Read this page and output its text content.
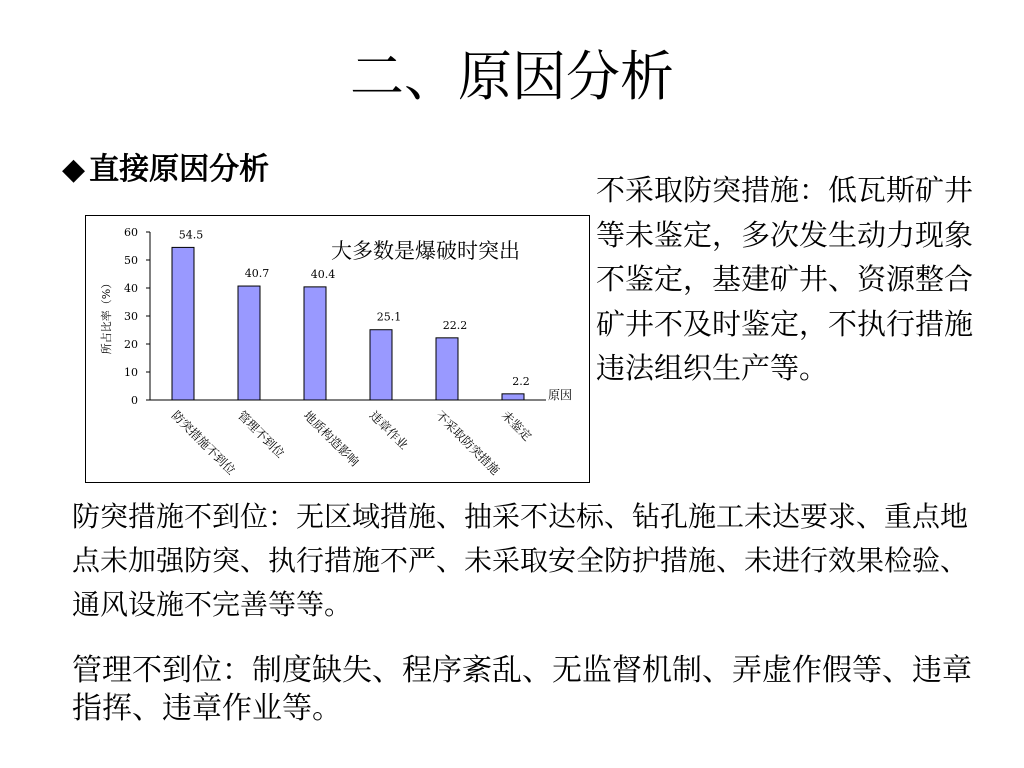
二、原因分析
◆ 直接原因分析
0
10
20
30
40
50
60
所占比率（%）
原因
54.5
防突措施不到位
40.7
管理不到位
40.4
地质构造影响
25.1
违章作业
22.2
不采取防突措施
2.2
未鉴定
大多数是爆破时突出
不采取防突措施：低瓦斯矿井等未鉴定，多次发生动力现象不鉴定，基建矿井、资源整合矿井不及时鉴定，不执行措施违法组织生产等。
防突措施不到位：无区域措施、抽采不达标、钻孔施工未达要求、重点地点未加强防突、执行措施不严、未采取安全防护措施、未进行效果检验、通风设施不完善等等。
管理不到位：制度缺失、程序紊乱、无监督机制、弄虚作假等、违章指挥、违章作业等。
